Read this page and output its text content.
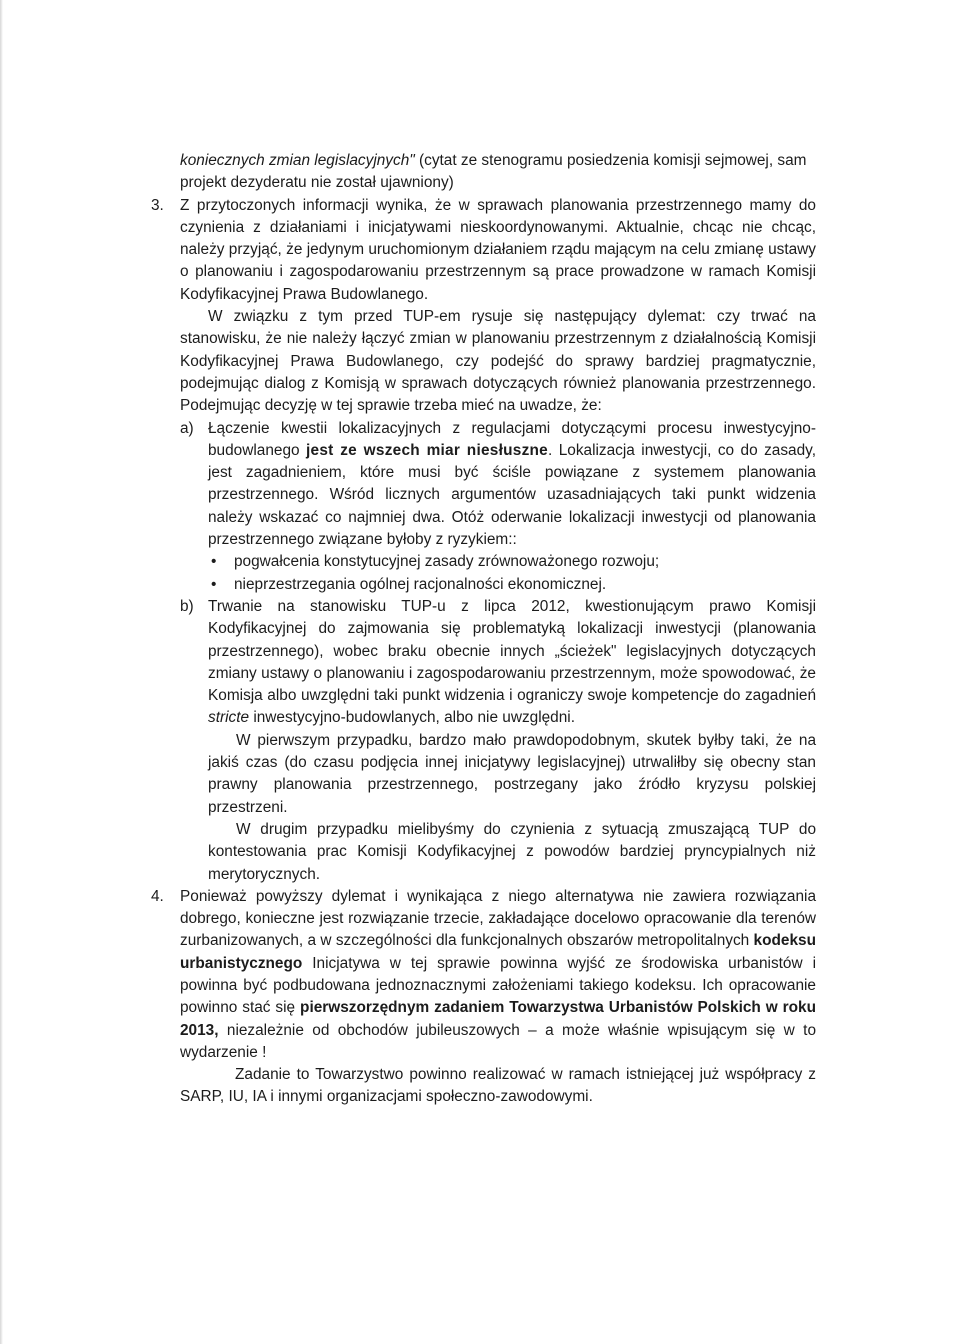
koniecznych zmian legislacyjnych" (cytat ze stenogramu posiedzenia komisji sejmowej, sam projekt dezyderatu nie został ujawniony)

3. Z przytoczonych informacji wynika, że w sprawach planowania przestrzennego mamy do czynienia z działaniami i inicjatywami nieskoordynowanymi. Aktualnie, chcąc nie chcąc, należy przyjąć, że jedynym uruchomionym działaniem rządu mającym na celu zmianę ustawy o planowaniu i zagospodarowaniu przestrzennym są prace prowadzone w ramach Komisji Kodyfikacyjnej Prawa Budowlanego.

W związku z tym przed TUP-em rysuje się następujący dylemat: czy trwać na stanowisku, że nie należy łączyć zmian w planowaniu przestrzennym z działalnością Komisji Kodyfikacyjnej Prawa Budowlanego, czy podejść do sprawy bardziej pragmatycznie, podejmując dialog z Komisją w sprawach dotyczących również planowania przestrzennego. Podejmując decyzję w tej sprawie trzeba mieć na uwadze, że:

a) Łączenie kwestii lokalizacyjnych z regulacjami dotyczącymi procesu inwestycyjno-budowlanego jest ze wszech miar niesłuszne. Lokalizacja inwestycji, co do zasady, jest zagadnieniem, które musi być ściśle powiązane z systemem planowania przestrzennego. Wśród licznych argumentów uzasadniających taki punkt widzenia należy wskazać co najmniej dwa. Otóż oderwanie lokalizacji inwestycji od planowania przestrzennego związane byłoby z ryzykiem::

• pogwałcenia konstytucyjnej zasady zrównoważonego rozwoju;

• nieprzestrzegania ogólnej racjonalności ekonomicznej.

b) Trwanie na stanowisku TUP-u z lipca 2012, kwestionującym prawo Komisji Kodyfikacyjnej do zajmowania się problematyką lokalizacji inwestycji (planowania przestrzennego), wobec braku obecnie innych „ścieżek" legislacyjnych dotyczących zmiany ustawy o planowaniu i zagospodarowaniu przestrzennym, może spowodować, że Komisja albo uwzględni taki punkt widzenia i ograniczy swoje kompetencje do zagadnień stricte inwestycyjno-budowlanych, albo nie uwzględni.

W pierwszym przypadku, bardzo mało prawdopodobnym, skutek byłby taki, że na jakiś czas (do czasu podjęcia innej inicjatywy legislacyjnej) utrwaliłby się obecny stan prawny planowania przestrzennego, postrzegany jako źródło kryzysu polskiej przestrzeni.

W drugim przypadku mielibyśmy do czynienia z sytuacją zmuszającą TUP do kontestowania prac Komisji Kodyfikacyjnej z powodów bardziej pryncypialnych niż merytorycznych.

4. Ponieważ powyższy dylemat i wynikająca z niego alternatywa nie zawiera rozwiązania dobrego, konieczne jest rozwiązanie trzecie, zakładające docelowo opracowanie dla terenów zurbanizowanych, a w szczególności dla funkcjonalnych obszarów metropolitalnych kodeksu urbanistycznego Inicjatywa w tej sprawie powinna wyjść ze środowiska urbanistów i powinna być podbudowana jednoznacznymi założeniami takiego kodeksu. Ich opracowanie powinno stać się pierwszorzędnym zadaniem Towarzystwa Urbanistów Polskich w roku 2013, niezależnie od obchodów jubileuszowych – a może właśnie wpisującym się w to wydarzenie !

Zadanie to Towarzystwo powinno realizować w ramach istniejącej już współpracy z SARP, IU, IA i innymi organizacjami społeczno-zawodowymi.
